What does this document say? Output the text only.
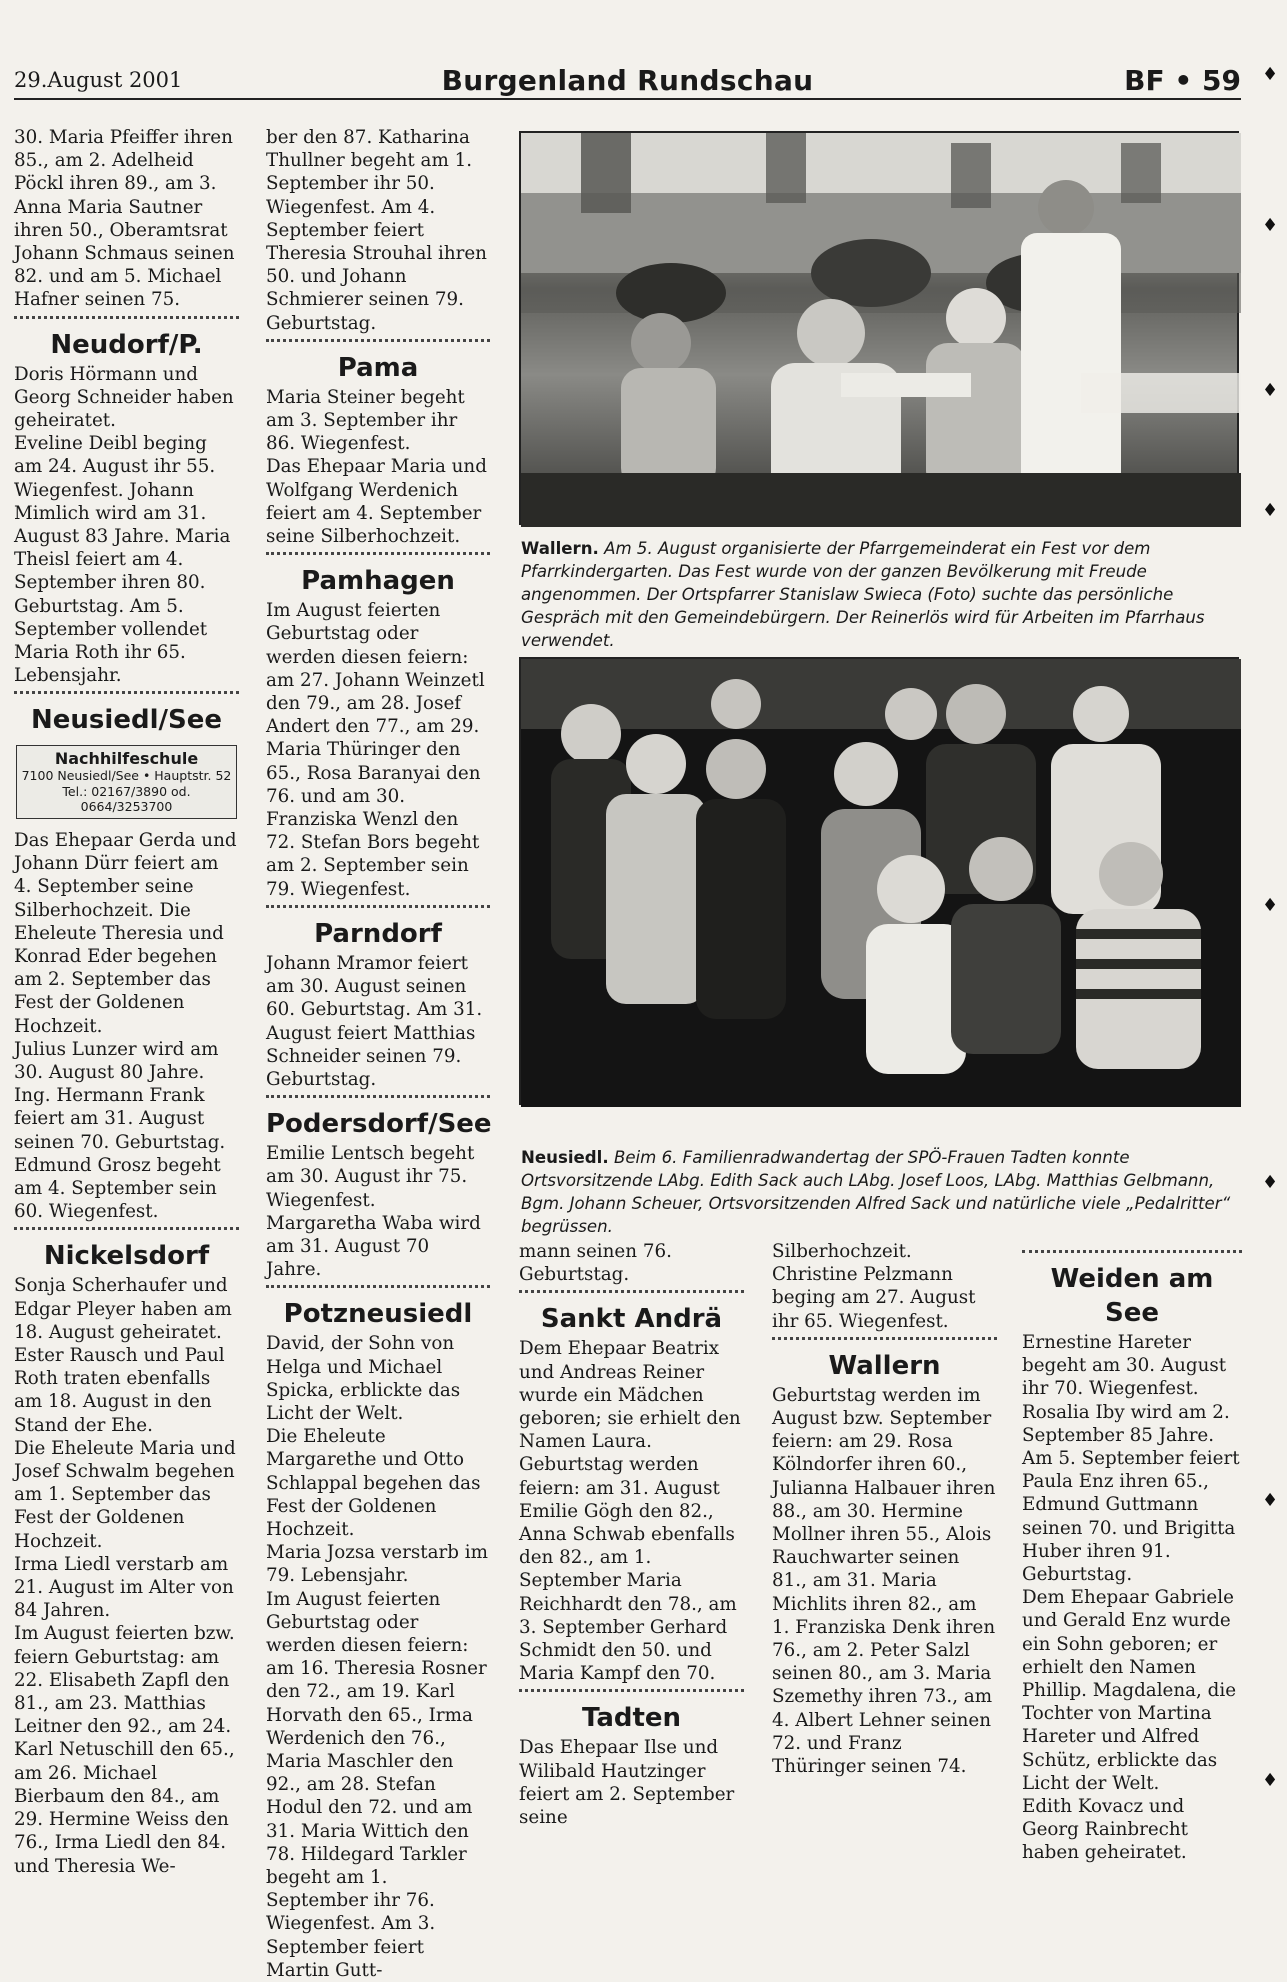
29.August 2001	Burgenland Rundschau	BF • 59

30. Maria Pfeiffer ihren 85., am 2. Adelheid Pöckl ihren 89., am 3. Anna Maria Sautner ihren 50., Oberamtsrat Johann Schmaus seinen 82. und am 5. Michael Hafner seinen 75.

Neudorf/P.

Doris Hörmann und Georg Schneider haben geheiratet.

Eveline Deibl beging am 24. August ihr 55. Wiegenfest. Johann Mimlich wird am 31. August 83 Jahre. Maria Theisl feiert am 4. September ihren 80. Geburtstag. Am 5. September vollendet Maria Roth ihr 65. Lebensjahr.

Neusiedl/See
Nachhilfeschule
7100 Neusiedl/See • Hauptstr. 52
Tel.: 02167/3890 od. 0664/3253700

Das Ehepaar Gerda und Johann Dürr feiert am 4. September seine Silberhochzeit. Die Eheleute Theresia und Konrad Eder begehen am 2. September das Fest der Goldenen Hochzeit.

Julius Lunzer wird am 30. August 80 Jahre. Ing. Hermann Frank feiert am 31. August seinen 70. Geburtstag. Edmund Grosz begeht am 4. September sein 60. Wiegenfest.

Nickelsdorf

Sonja Scherhaufer und Edgar Pleyer haben am 18. August geheiratet. Ester Rausch und Paul Roth traten ebenfalls am 18. August in den Stand der Ehe.

Die Eheleute Maria und Josef Schwalm begehen am 1. September das Fest der Goldenen Hochzeit.

Irma Liedl verstarb am 21. August im Alter von 84 Jahren.

Im August feierten bzw. feiern Geburtstag: am 22. Elisabeth Zapfl den 81., am 23. Matthias Leitner den 92., am 24. Karl Netuschill den 65., am 26. Michael Bierbaum den 84., am 29. Hermine Weiss den 76., Irma Liedl den 84. und Theresia We-

ber den 87. Katharina Thullner begeht am 1. September ihr 50. Wiegenfest. Am 4. September feiert Theresia Strouhal ihren 50. und Johann Schmierer seinen 79. Geburtstag.

Pama

Maria Steiner begeht am 3. September ihr 86. Wiegenfest.

Das Ehepaar Maria und Wolfgang Werdenich feiert am 4. September seine Silberhochzeit.

Pamhagen

Im August feierten Geburtstag oder werden diesen feiern: am 27. Johann Weinzetl den 79., am 28. Josef Andert den 77., am 29. Maria Thüringer den 65., Rosa Baranyai den 76. und am 30. Franziska Wenzl den 72. Stefan Bors begeht am 2. September sein 79. Wiegenfest.

Parndorf

Johann Mramor feiert am 30. August seinen 60. Geburtstag. Am 31. August feiert Matthias Schneider seinen 79. Geburtstag.

Podersdorf/See

Emilie Lentsch begeht am 30. August ihr 75. Wiegenfest. Margaretha Waba wird am 31. August 70 Jahre.

Potzneusiedl

David, der Sohn von Helga und Michael Spicka, erblickte das Licht der Welt.

Die Eheleute Margarethe und Otto Schlappal begehen das Fest der Goldenen Hochzeit.

Maria Jozsa verstarb im 79. Lebensjahr.

Im August feierten Geburtstag oder werden diesen feiern: am 16. Theresia Rosner den 72., am 19. Karl Horvath den 65., Irma Werdenich den 76., Maria Maschler den 92., am 28. Stefan Hodul den 72. und am 31. Maria Wittich den 78. Hildegard Tarkler begeht am 1. September ihr 76. Wiegenfest. Am 3. September feiert Martin Gutt-

Wallern. Am 5. August organisierte der Pfarrgemeinderat ein Fest vor dem Pfarrkindergarten. Das Fest wurde von der ganzen Bevölkerung mit Freude angenommen. Der Ortspfarrer Stanislaw Swieca (Foto) suchte das persönliche Gespräch mit den Gemeindebürgern. Der Reinerlös wird für Arbeiten im Pfarrhaus verwendet.
Neusiedl. Beim 6. Familienradwandertag der SPÖ-Frauen Tadten konnte Ortsvorsitzende LAbg. Edith Sack auch LAbg. Josef Loos, LAbg. Matthias Gelbmann, Bgm. Johann Scheuer, Ortsvorsitzenden Alfred Sack und natürliche viele „Pedalritter“ begrüssen.

mann seinen 76. Geburtstag.

Sankt Andrä

Dem Ehepaar Beatrix und Andreas Reiner wurde ein Mädchen geboren; sie erhielt den Namen Laura.

Geburtstag werden feiern: am 31. August Emilie Gögh den 82., Anna Schwab ebenfalls den 82., am 1. September Maria Reichhardt den 78., am 3. September Gerhard Schmidt den 50. und Maria Kampf den 70.

Tadten

Das Ehepaar Ilse und Wilibald Hautzinger feiert am 2. September seine

Silberhochzeit.

Christine Pelzmann beging am 27. August ihr 65. Wiegenfest.

Wallern

Geburtstag werden im August bzw. September feiern: am 29. Rosa Kölndorfer ihren 60., Julianna Halbauer ihren 88., am 30. Hermine Mollner ihren 55., Alois Rauchwarter seinen 81., am 31. Maria Michlits ihren 82., am 1. Franziska Denk ihren 76., am 2. Peter Salzl seinen 80., am 3. Maria Szemethy ihren 73., am 4. Albert Lehner seinen 72. und Franz Thüringer seinen 74.

Weiden am See

Ernestine Hareter begeht am 30. August ihr 70. Wiegenfest. Rosalia Iby wird am 2. September 85 Jahre. Am 5. September feiert Paula Enz ihren 65., Edmund Guttmann seinen 70. und Brigitta Huber ihren 91. Geburtstag.

Dem Ehepaar Gabriele und Gerald Enz wurde ein Sohn geboren; er erhielt den Namen Phillip. Magdalena, die Tochter von Martina Hareter und Alfred Schütz, erblickte das Licht der Welt.

Edith Kovacz und Georg Rainbrecht haben geheiratet.

♦
♦
♦
♦
♦
♦
♦
♦
